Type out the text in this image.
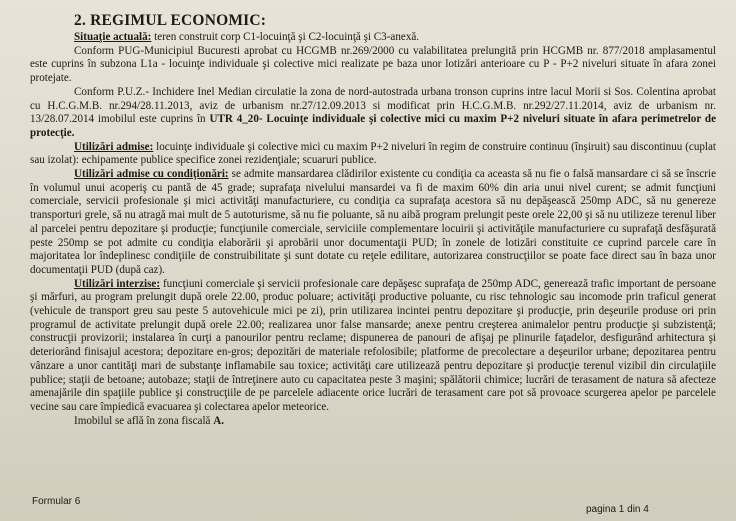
2. REGIMUL ECONOMIC:

Situaţie actuală: teren construit corp C1-locuinţă şi C2-locuinţă şi C3-anexă.

Conform PUG-Municipiul Bucuresti aprobat cu HCGMB nr.269/2000 cu valabilitatea prelungită prin HCGMB nr. 877/2018 amplasamentul este cuprins în subzona L1a - locuinţe individuale şi colective mici realizate pe baza unor lotizări anterioare cu P - P+2 niveluri situate în afara zonei protejate.

Conform P.U.Z.- Inchidere Inel Median circulatie la zona de nord-autostrada urbana tronson cuprins intre lacul Morii si Sos. Colentina aprobat cu H.C.G.M.B. nr.294/28.11.2013, aviz de urbanism nr.27/12.09.2013 si modificat prin H.C.G.M.B. nr.292/27.11.2014, aviz de urbanism nr. 13/28.07.2014 imobilul este cuprins în UTR 4_20- Locuinţe individuale şi colective mici cu maxim P+2 niveluri situate în afara perimetrelor de protecţie.

Utilizări admise: locuinţe individuale şi colective mici cu maxim P+2 niveluri în regim de construire continuu (înşiruit) sau discontinuu (cuplat sau izolat): echipamente publice specifice zonei rezidenţiale; scuaruri publice.

Utilizări admise cu condiţionări: se admite mansardarea clădirilor existente cu condiţia ca aceasta să nu fie o falsă mansardare ci să se înscrie în volumul unui acoperiş cu pantă de 45 grade; suprafaţa nivelului mansardei va fi de maxim 60% din aria unui nivel curent; se admit funcţiuni comerciale, servicii profesionale şi mici activităţi manufacturiere, cu condiţia ca suprafaţa acestora să nu depăşească 250mp ADC, să nu genereze transporturi grele, să nu atragă mai mult de 5 autoturisme, să nu fie poluante, să nu aibă program prelungit peste orele 22,00 şi să nu utilizeze terenul liber al parcelei pentru depozitare şi producţie; funcţiunile comerciale, serviciile complementare locuirii şi activităţile manufacturiere cu suprafaţă desfăşurată peste 250mp se pot admite cu condiţia elaborării şi aprobării unor documentaţii PUD; în zonele de lotizări constituite ce cuprind parcele care în majoritatea lor îndeplinesc condiţiile de construibilitate şi sunt dotate cu reţele edilitare, autorizarea construcţiilor se poate face direct sau în baza unor documentaţii PUD (după caz).

Utilizări interzise: funcţiuni comerciale şi servicii profesionale care depăşesc suprafaţa de 250mp ADC, generează trafic important de persoane şi mărfuri, au program prelungit după orele 22.00, produc poluare; activităţi productive poluante, cu risc tehnologic sau incomode prin traficul generat (vehicule de transport greu sau peste 5 autovehicule mici pe zi), prin utilizarea incintei pentru depozitare şi producţie, prin deşeurile produse ori prin programul de activitate prelungit după orele 22.00; realizarea unor false mansarde; anexe pentru creşterea animalelor pentru producţie şi subzistenţă; construcţii provizorii; instalarea în curţi a panourilor pentru reclame; dispunerea de panouri de afişaj pe plinurile faţadelor, desfigurând arhitectura şi deteriorând finisajul acestora; depozitare en-gros; depozitări de materiale refolosibile; platforme de precolectare a deşeurilor urbane; depozitarea pentru vânzare a unor cantităţi mari de substanţe inflamabile sau toxice; activităţi care utilizează pentru depozitare şi producţie terenul vizibil din circulaţiile publice; staţii de betoane; autobaze; staţii de întreţinere auto cu capacitatea peste 3 maşini; spălătorii chimice; lucrări de terasament de natura să afecteze amenajările din spaţiile publice şi construcţiile de pe parcelele adiacente orice lucrări de terasament care pot să provoace scurgerea apelor pe parcelele vecine sau care împiedică evacuarea şi colectarea apelor meteorice.

Imobilul se află în zona fiscală A.

Formular 6
pagina 1 din 4
